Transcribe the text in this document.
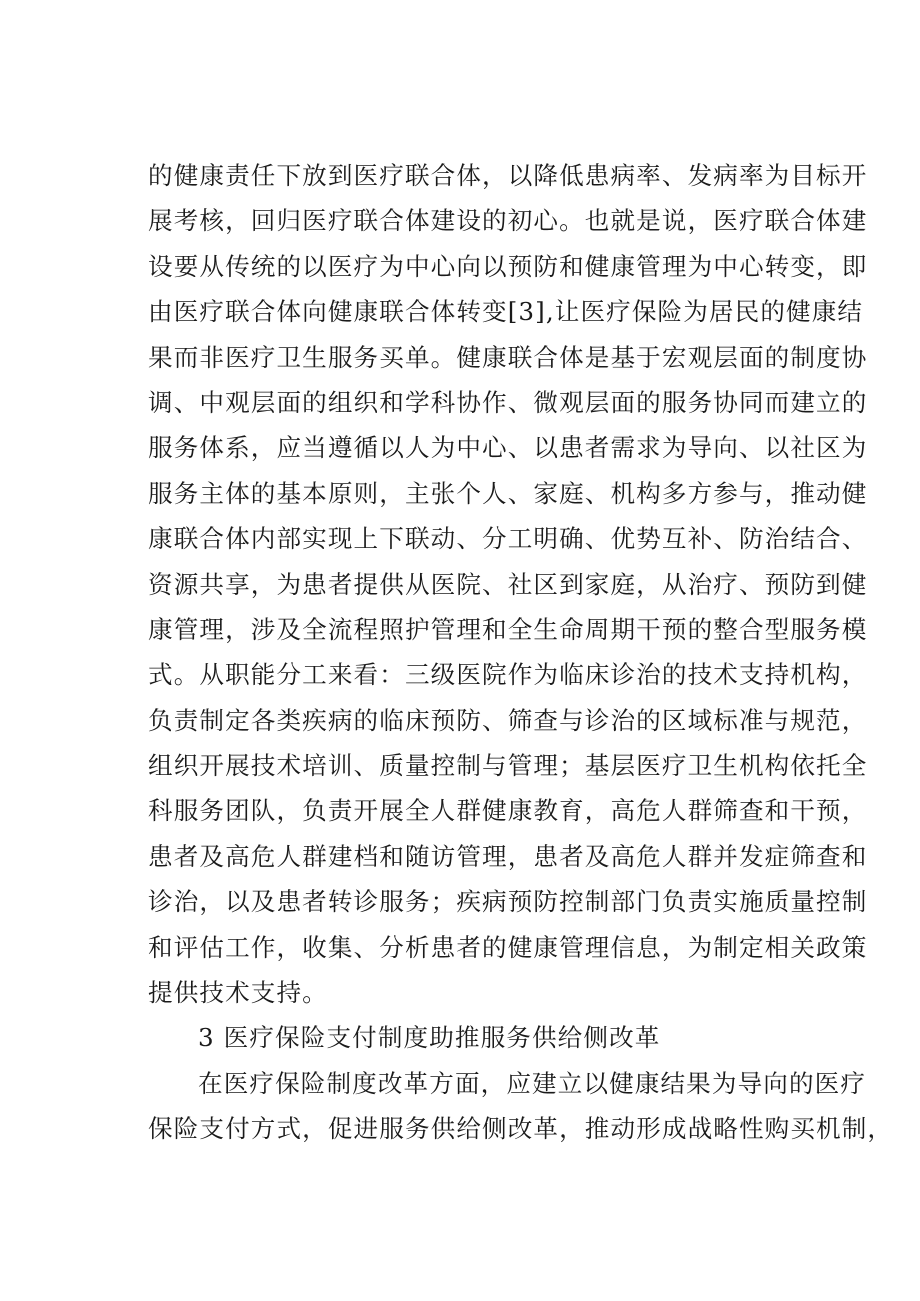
的健康责任下放到医疗联合体，以降低患病率、发病率为目标开
展考核，回归医疗联合体建设的初心。也就是说，医疗联合体建
设要从传统的以医疗为中心向以预防和健康管理为中心转变，即
由医疗联合体向健康联合体转变[3],让医疗保险为居民的健康结
果而非医疗卫生服务买单。健康联合体是基于宏观层面的制度协
调、中观层面的组织和学科协作、微观层面的服务协同而建立的
服务体系，应当遵循以人为中心、以患者需求为导向、以社区为
服务主体的基本原则，主张个人、家庭、机构多方参与，推动健
康联合体内部实现上下联动、分工明确、优势互补、防治结合、
资源共享，为患者提供从医院、社区到家庭，从治疗、预防到健
康管理，涉及全流程照护管理和全生命周期干预的整合型服务模
式。从职能分工来看：三级医院作为临床诊治的技术支持机构，
负责制定各类疾病的临床预防、筛查与诊治的区域标准与规范，
组织开展技术培训、质量控制与管理；基层医疗卫生机构依托全
科服务团队，负责开展全人群健康教育，高危人群筛查和干预，
患者及高危人群建档和随访管理，患者及高危人群并发症筛查和
诊治，以及患者转诊服务；疾病预防控制部门负责实施质量控制
和评估工作，收集、分析患者的健康管理信息，为制定相关政策
提供技术支持。
3 医疗保险支付制度助推服务供给侧改革
在医疗保险制度改革方面，应建立以健康结果为导向的医疗
保险支付方式，促进服务供给侧改革，推动形成战略性购买机制，
